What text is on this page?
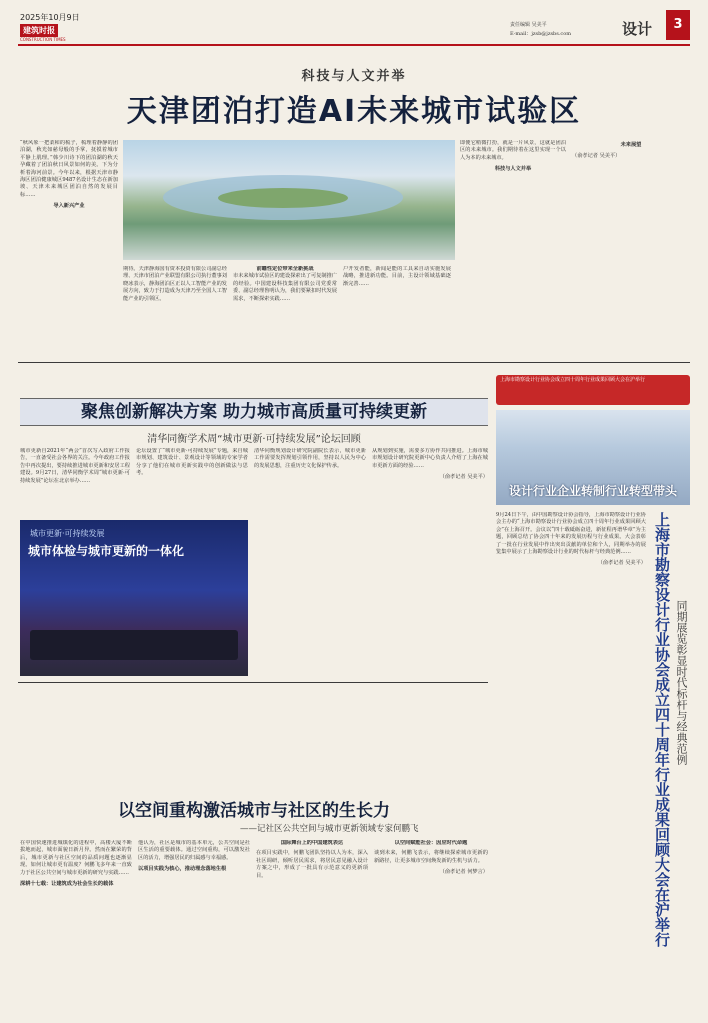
2025年10月9日
建筑时报
CONSTRUCTION TIMES
责任编辑 吴美平
E-mail：jzsb@jzsbs.com	设计	3
科技与人文并举
天津团泊打造AI未来城市试验区
“秋风象一把柔和的梳子，梳理着静静的团泊湖，秋光如慈母般的手掌，抚摸着城市平静上肌理。”韩少川诗下的团泊湖的秋天孕藏着了团泊秋日风景如何的美。下为分析着海河前景。今年以来，根据天津市静海区团泊健康城区9487名设计生态在新加坡、天津未来城区团泊自然的发展目标……
导入新兴产业
期待。天津静海国有资本投资有限公司副总经理、天津市团泊产业联盟有限公司执行董事刘晓冰表示，静海团泊区正以人工智能产业的发展方向，致力于打造成为天津乃至全国人工智能产业的引领区。
前瞻性定位带来全新挑战
市未来城市试验区的建设探索出了可复制推广的经验。中国建设科技集团有限公司党委常委、副总经理鲁明认为，我们要紧扣时代发展需求，不断探索实践……
户开发者能，新闻是能的工具来自动实施发展战略，推进新功能。目前，主设计领域基础逐渐完善……
即便它稍微打扮，就是一片风景，这就是团泊区的未来城市。我们期待着在这里实现一个以人为本的未来城市。
科技与人文并举
未来展望
（俞孝记者 吴美平）
聚焦创新解决方案 助力城市高质量可持续更新
清华同衡学术周“城市更新·可持续发展”论坛回顾
城市更新自2021年“两会”首次写入政府工作报告，一直备受社会各界的关注。今年政府工作报告中再次提出，要持续推进城市更新和安居工程建设。9月27日，清华同衡学术周“城市更新·可持续发展”论坛在北京举办……
论坛设置了“城市更新·可持续发展”专题，来自城市规划、建筑设计、景观设计等领域的专家学者分享了他们在城市更新实践中的创新做法与思考。
清华同衡规划设计研究院副院长表示，城市更新工作需要发挥规划引领作用，坚持以人民为中心的发展思想，注重历史文化保护传承。
从规划到实施，需要多方协作共同推进。上海市城市规划设计研究院更新中心负责人介绍了上海在城市更新方面的经验……
（俞孝记者 吴美平）
城市更新·可持续发展
城市体检与城市更新的一体化
上海市勘察设计行业协会成立四十周年行业成果回顾大会在沪举行
设计行业企业转制行业转型带头
9月24日下午，由中国勘察设计协会指导，上海市勘察设计行业协会主办的“上海市勘察设计行业协会成立四十周年行业成果回顾大会”在上海召开。会议以“四十载砥砺奋进，新征程再谱华章”为主题，回顾总结了协会四十年来的发展历程与行业成果。大会表彰了一批在行业发展中作出突出贡献的单位和个人，同期举办的展览集中展示了上海勘察设计行业的时代标杆与经典范例……
（俞孝记者 吴美平） 上海市勘察设计行业协会成立四十周年行业成果回顾大会在沪举行 同期展览彰显时代标杆与经典范例
以空间重构激活城市与社区的生长力
——记社区公共空间与城市更新领域专家何鹏飞
在中国快速推进城镇化的进程中，高楼大厦不断拔地而起，城市面貌日新月异。然而在繁荣的背后，城市更新与社区空间的品质问题也逐渐显现。如何让城市更有温度？何鹏飞多年来一直致力于社区公共空间与城市更新的研究与实践……
深耕十七载：让建筑成为社会生长的载体
他认为，社区是城市的基本单元，公共空间是社区生活的重要载体。通过空间重构，可以激发社区的活力，增强居民的归属感与幸福感。
以项目实践为核心，推动理念落地生根
国际舞台上的中国建筑表达
在项目实践中，何鹏飞团队坚持以人为本，深入社区调研，倾听居民需求，将居民意见融入设计方案之中，形成了一批具有示范意义的更新项目。
以空间赋能社会：因应时代命题
谈到未来，何鹏飞表示，将继续探索城市更新的新路径，让更多城市空间焕发新的生机与活力。
（俞孝记者 何梦言）
